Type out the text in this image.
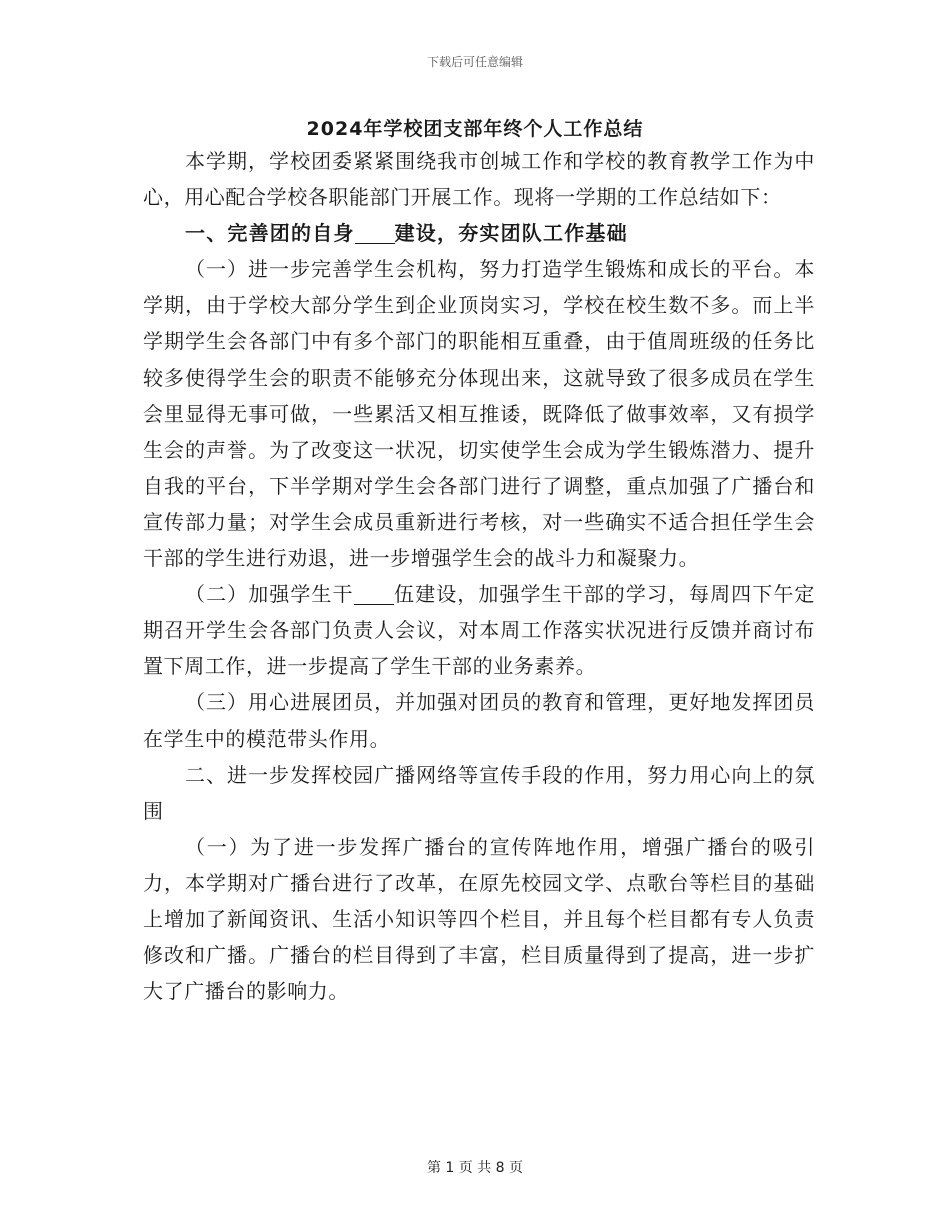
下载后可任意编辑
2024年学校团支部年终个人工作总结

本学期，学校团委紧紧围绕我市创城工作和学校的教育教学工作为中心，用心配合学校各职能部门开展工作。现将一学期的工作总结如下：

一、完善团的自身 建设，夯实团队工作基础

（一）进一步完善学生会机构，努力打造学生锻炼和成长的平台。本学期，由于学校大部分学生到企业顶岗实习，学校在校生数不多。而上半学期学生会各部门中有多个部门的职能相互重叠，由于值周班级的任务比较多使得学生会的职责不能够充分体现出来，这就导致了很多成员在学生会里显得无事可做，一些累活又相互推诿，既降低了做事效率，又有损学生会的声誉。为了改变这一状况，切实使学生会成为学生锻炼潜力、提升自我的平台，下半学期对学生会各部门进行了调整，重点加强了广播台和宣传部力量；对学生会成员重新进行考核，对一些确实不适合担任学生会干部的学生进行劝退，进一步增强学生会的战斗力和凝聚力。

（二）加强学生干 伍建设，加强学生干部的学习，每周四下午定期召开学生会各部门负责人会议，对本周工作落实状况进行反馈并商讨布置下周工作，进一步提高了学生干部的业务素养。

（三）用心进展团员，并加强对团员的教育和管理，更好地发挥团员在学生中的模范带头作用。

二、进一步发挥校园广播网络等宣传手段的作用，努力用心向上的氛围

（一）为了进一步发挥广播台的宣传阵地作用，增强广播台的吸引力，本学期对广播台进行了改革，在原先校园文学、点歌台等栏目的基础上增加了新闻资讯、生活小知识等四个栏目，并且每个栏目都有专人负责修改和广播。广播台的栏目得到了丰富，栏目质量得到了提高，进一步扩大了广播台的影响力。

第 1 页 共 8 页
